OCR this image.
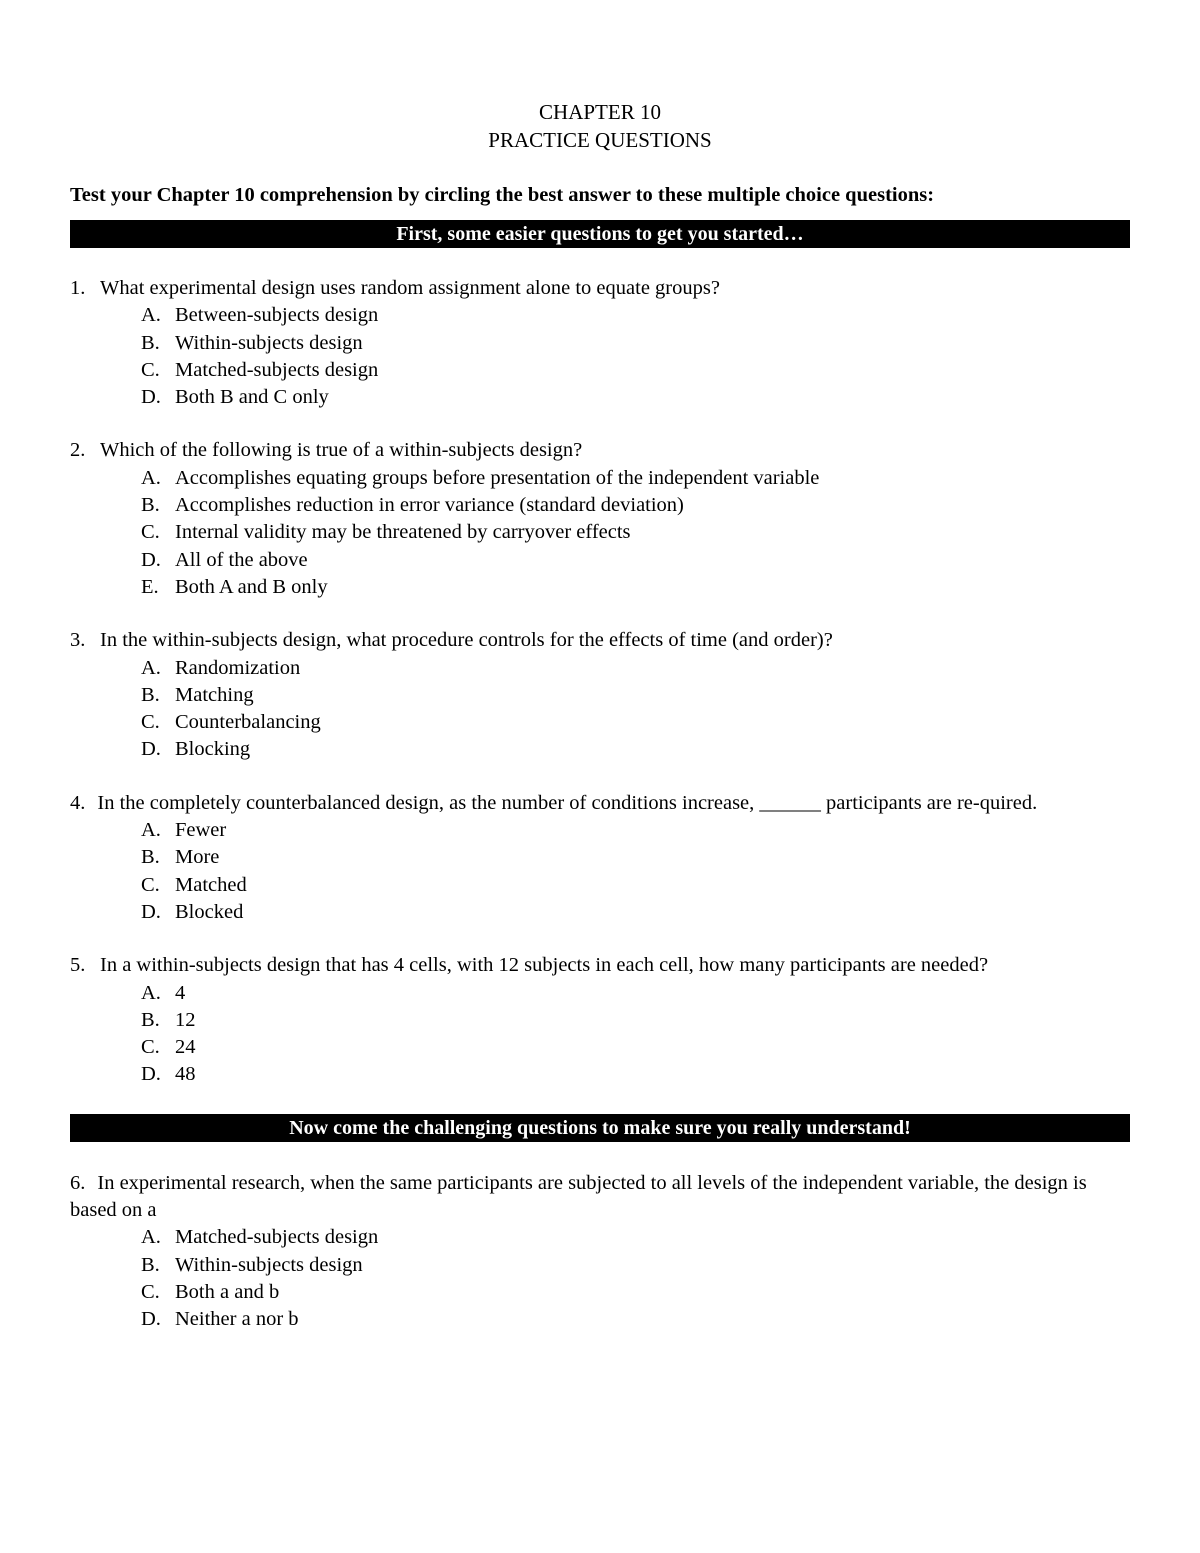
CHAPTER 10

PRACTICE QUESTIONS

Test your Chapter 10 comprehension by circling the best answer to these multiple choice questions:
First, some easier questions to get you started…

1. What experimental design uses random assignment alone to equate groups?

A. Between-subjects design
B. Within-subjects design
C. Matched-subjects design
D. Both B and C only

2. Which of the following is true of a within-subjects design?

A. Accomplishes equating groups before presentation of the independent variable
B. Accomplishes reduction in error variance (standard deviation)
C. Internal validity may be threatened by carryover effects
D. All of the above
E. Both A and B only

3. In the within-subjects design, what procedure controls for the effects of time (and order)?

A. Randomization
B. Matching
C. Counterbalancing
D. Blocking

4. In the completely counterbalanced design, as the number of conditions increase, ______ participants are re-quired.

A. Fewer
B. More
C. Matched
D. Blocked

5. In a within-subjects design that has 4 cells, with 12 subjects in each cell, how many participants are needed?

A. 4
B. 12
C. 24
D. 48
Now come the challenging questions to make sure you really understand!

6. In experimental research, when the same participants are subjected to all levels of the independent variable, the design is based on a

A. Matched-subjects design
B. Within-subjects design
C. Both a and b
D. Neither a nor b
